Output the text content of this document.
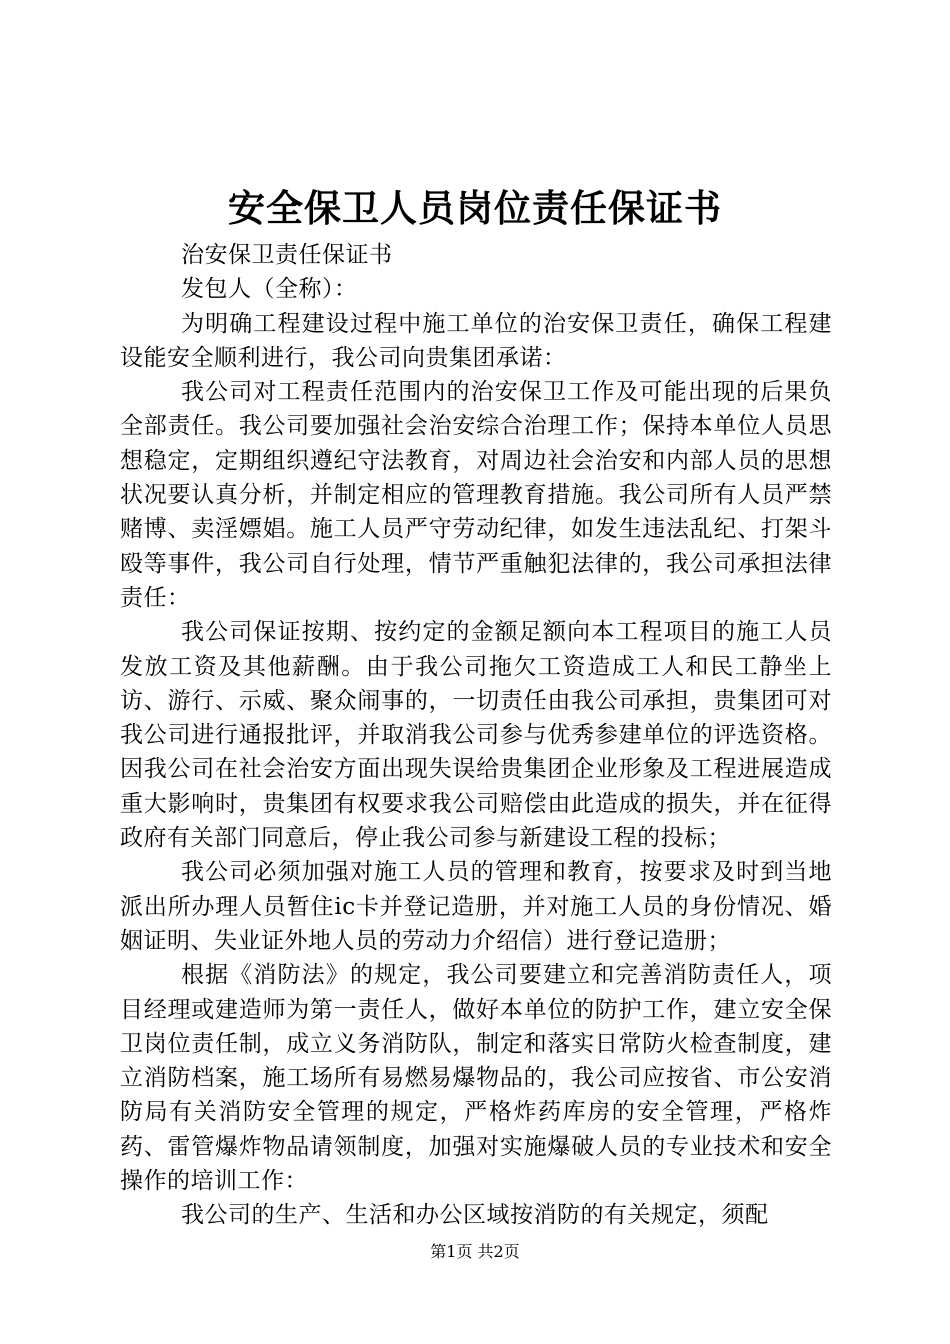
安全保卫人员岗位责任保证书

治安保卫责任保证书

发包人（全称）：

为明确工程建设过程中施工单位的治安保卫责任，确保工程建设能安全顺利进行，我公司向贵集团承诺：

我公司对工程责任范围内的治安保卫工作及可能出现的后果负全部责任。我公司要加强社会治安综合治理工作；保持本单位人员思想稳定，定期组织遵纪守法教育，对周边社会治安和内部人员的思想状况要认真分析，并制定相应的管理教育措施。我公司所有人员严禁赌博、卖淫嫖娼。施工人员严守劳动纪律，如发生违法乱纪、打架斗殴等事件，我公司自行处理，情节严重触犯法律的，我公司承担法律责任：

我公司保证按期、按约定的金额足额向本工程项目的施工人员发放工资及其他薪酬。由于我公司拖欠工资造成工人和民工静坐上访、游行、示威、聚众闹事的，一切责任由我公司承担，贵集团可对我公司进行通报批评，并取消我公司参与优秀参建单位的评选资格。因我公司在社会治安方面出现失误给贵集团企业形象及工程进展造成重大影响时，贵集团有权要求我公司赔偿由此造成的损失，并在征得政府有关部门同意后，停止我公司参与新建设工程的投标；

我公司必须加强对施工人员的管理和教育，按要求及时到当地派出所办理人员暂住ic卡并登记造册，并对施工人员的身份情况、婚姻证明、失业证外地人员的劳动力介绍信）进行登记造册；

根据《消防法》的规定，我公司要建立和完善消防责任人，项目经理或建造师为第一责任人，做好本单位的防护工作，建立安全保卫岗位责任制，成立义务消防队，制定和落实日常防火检查制度，建立消防档案，施工场所有易燃易爆物品的，我公司应按省、市公安消防局有关消防安全管理的规定，严格炸药库房的安全管理，严格炸药、雷管爆炸物品请领制度，加强对实施爆破人员的专业技术和安全操作的培训工作：

我公司的生产、生活和办公区域按消防的有关规定，须配

第1页 共2页
